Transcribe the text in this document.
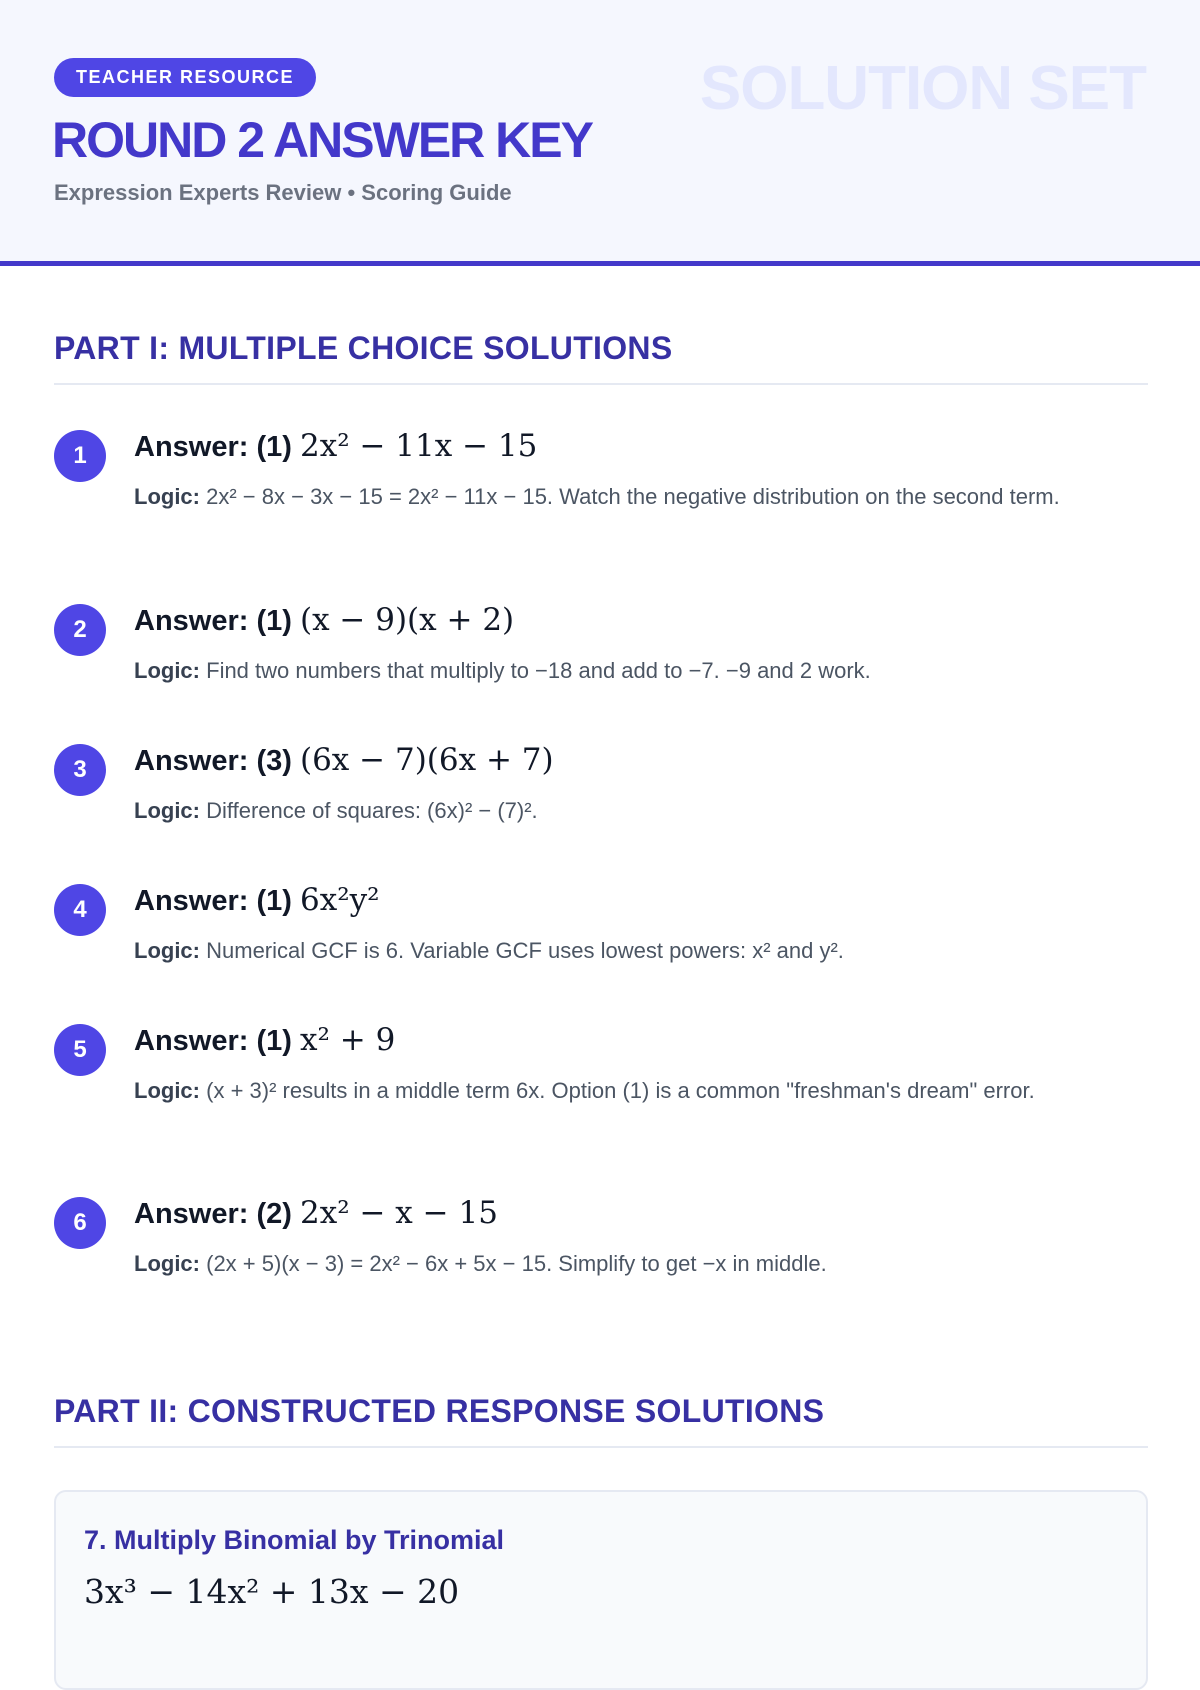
TEACHER RESOURCE	SOLUTION SET
ROUND 2 ANSWER KEY
Expression Experts Review • Scoring Guide
PART I: MULTIPLE CHOICE SOLUTIONS
1	Answer: (1) 2x² − 11x − 15
Logic: 2x² − 8x − 3x − 15 = 2x² − 11x − 15. Watch the negative distribution on the second term.
2	Answer: (1) (x − 9)(x + 2)
Logic: Find two numbers that multiply to −18 and add to −7. −9 and 2 work.
3	Answer: (3) (6x − 7)(6x + 7)
Logic: Difference of squares: (6x)² − (7)².
4	Answer: (1) 6x²y²
Logic: Numerical GCF is 6. Variable GCF uses lowest powers: x² and y².
5	Answer: (1) x² + 9
Logic: (x + 3)² results in a middle term 6x. Option (1) is a common "freshman's dream" error.
6	Answer: (2) 2x² − x − 15
Logic: (2x + 5)(x − 3) = 2x² − 6x + 5x − 15. Simplify to get −x in middle.
PART II: CONSTRUCTED RESPONSE SOLUTIONS
7. Multiply Binomial by Trinomial
3x³ − 14x² + 13x − 20
